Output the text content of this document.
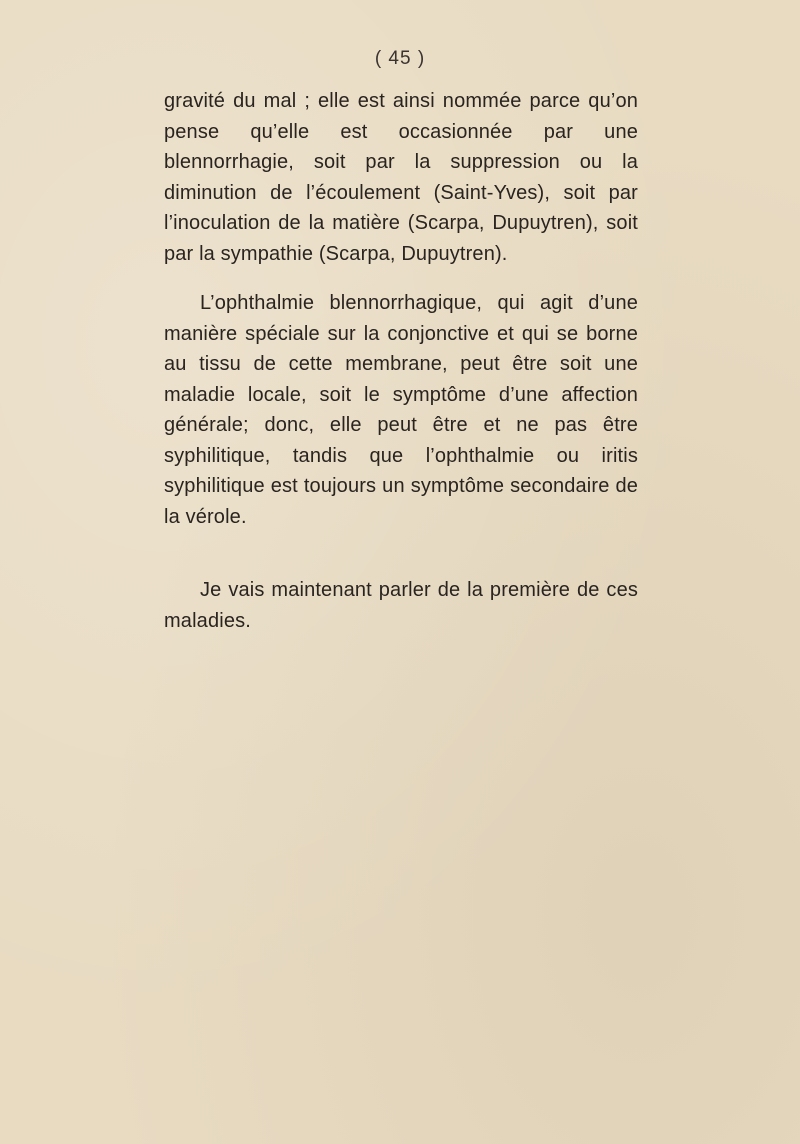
( 45 )

gravité du mal ; elle est ainsi nommée parce qu’on pense qu’elle est occasionnée par une blennorrhagie, soit par la suppression ou la diminution de l’écoulement (Saint-Yves), soit par l’inoculation de la matière (Scarpa, Dupuytren), soit par la sympathie (Scarpa, Dupuytren).

L’ophthalmie blennorrhagique, qui agit d’une manière spéciale sur la conjonctive et qui se borne au tissu de cette membrane, peut être soit une maladie locale, soit le symptôme d’une affection générale; donc, elle peut être et ne pas être syphilitique, tandis que l’ophthalmie ou iritis syphilitique est toujours un symptôme secondaire de la vérole.

Je vais maintenant parler de la première de ces maladies.
